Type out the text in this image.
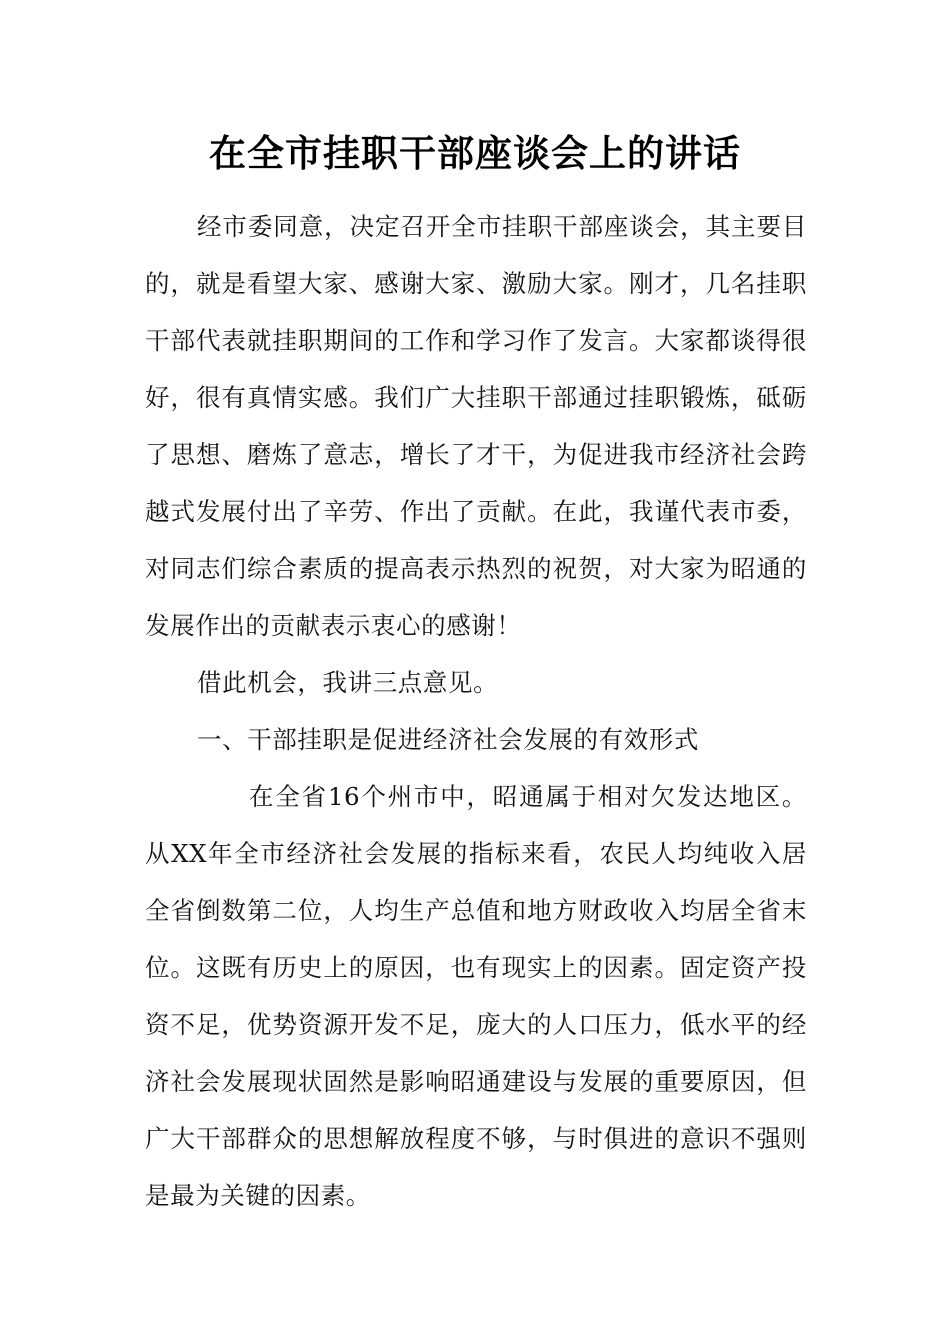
在全市挂职干部座谈会上的讲话

经市委同意，决定召开全市挂职干部座谈会，其主要目的，就是看望大家、感谢大家、激励大家。刚才，几名挂职干部代表就挂职期间的工作和学习作了发言。大家都谈得很好，很有真情实感。我们广大挂职干部通过挂职锻炼，砥砺了思想、磨炼了意志，增长了才干，为促进我市经济社会跨越式发展付出了辛劳、作出了贡献。在此，我谨代表市委，对同志们综合素质的提高表示热烈的祝贺，对大家为昭通的发展作出的贡献表示衷心的感谢！

借此机会，我讲三点意见。

一、干部挂职是促进经济社会发展的有效形式

在全省16个州市中，昭通属于相对欠发达地区。从XX年全市经济社会发展的指标来看，农民人均纯收入居全省倒数第二位，人均生产总值和地方财政收入均居全省末位。这既有历史上的原因，也有现实上的因素。固定资产投资不足，优势资源开发不足，庞大的人口压力，低水平的经济社会发展现状固然是影响昭通建设与发展的重要原因，但广大干部群众的思想解放程度不够，与时俱进的意识不强则是最为关键的因素。
